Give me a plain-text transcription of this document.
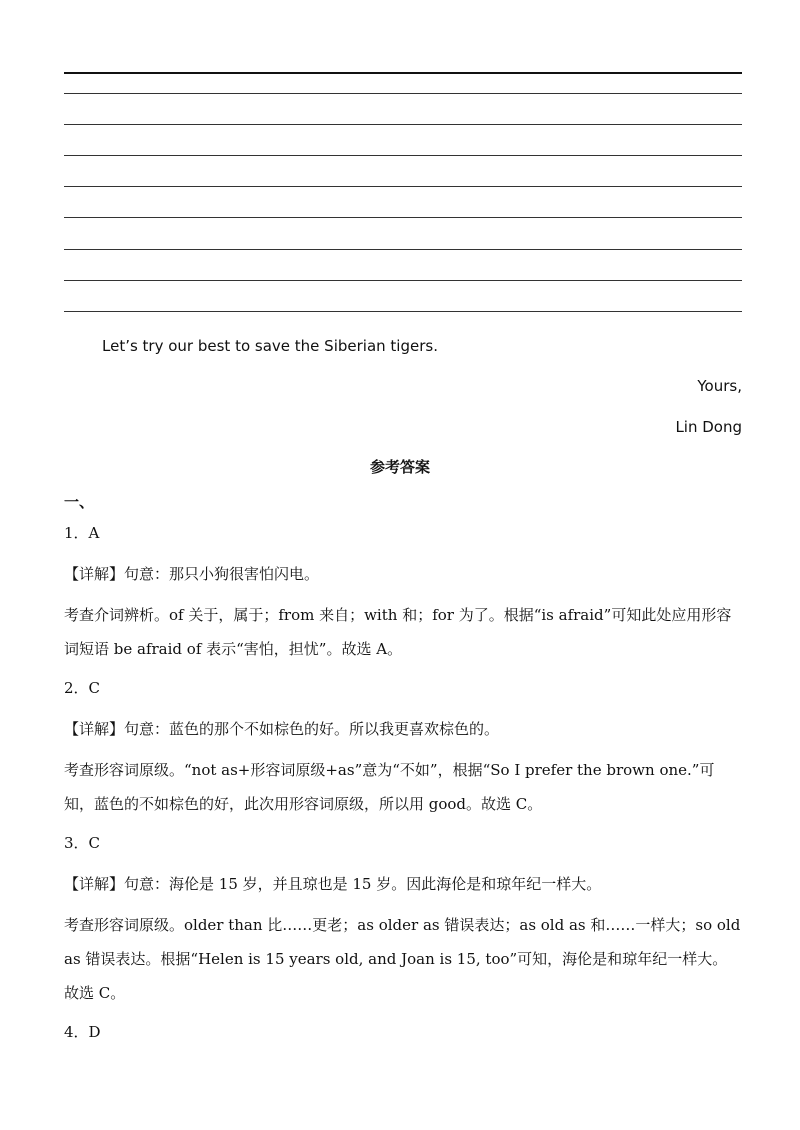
Let’s try our best to save the Siberian tigers.
Yours,
Lin Dong
参考答案
一、
1．A
【详解】句意：那只小狗很害怕闪电。
考查介词辨析。of 关于，属于；from 来自；with 和；for 为了。根据“is afraid”可知此处应用形容词短语 be afraid of 表示“害怕，担忧”。故选 A。
2．C
【详解】句意：蓝色的那个不如棕色的好。所以我更喜欢棕色的。
考查形容词原级。“not as+形容词原级+as”意为“不如”，根据“So I prefer the brown one.”可知，蓝色的不如棕色的好，此次用形容词原级，所以用 good。故选 C。
3．C
【详解】句意：海伦是 15 岁，并且琼也是 15 岁。因此海伦是和琼年纪一样大。
考查形容词原级。older than 比……更老；as older as 错误表达；as old as 和……一样大；so old as 错误表达。根据“Helen is 15 years old, and Joan is 15, too”可知，海伦是和琼年纪一样大。故选 C。
4．D
